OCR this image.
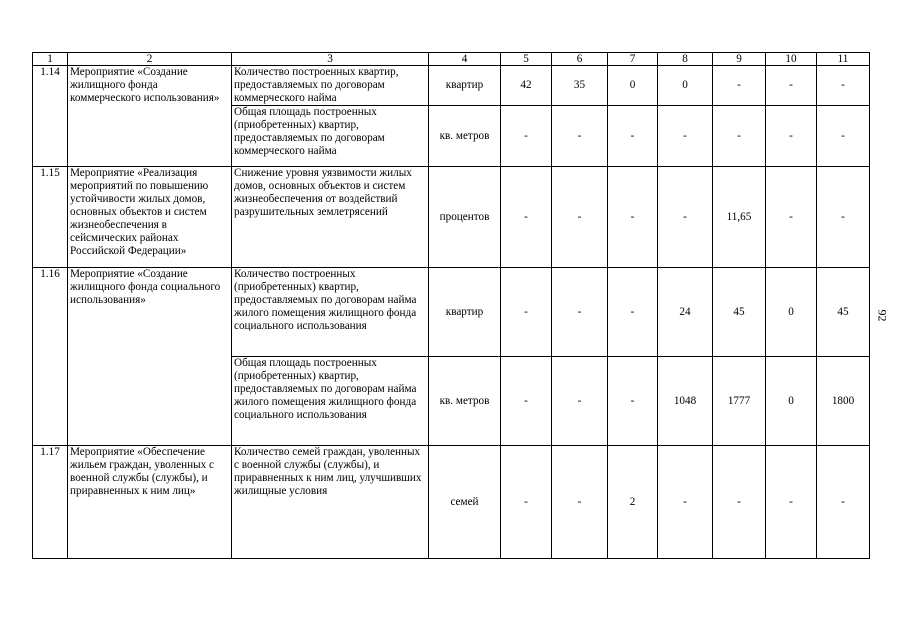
1	2	3	4	5	6	7	8	9	10	11
1.14	Мероприятие «Создание жилищного фонда коммерческого использования»	Количество построенных квартир, предоставляемых по договорам коммерческого найма	квартир	42	35	0	0	-	-	-
		Общая площадь построенных (приобретенных) квартир, предоставляемых по договорам коммерческого найма	кв. метров	-	-	-	-	-	-	-
1.15	Мероприятие «Реализация мероприятий по повышению устойчивости жилых домов, основных объектов и систем жизнеобеспечения в сейсмических районах Российской Федерации»	Снижение уровня уязвимости жилых домов, основных объектов и систем жизнеобеспечения от воздействий разрушительных землетрясений	процентов	-	-	-	-	11,65	-	-
1.16	Мероприятие «Создание жилищного фонда социального использования»	Количество построенных (приобретенных) квартир, предоставляемых по договорам найма жилого помещения жилищного фонда социального использования	квартир	-	-	-	24	45	0	45
		Общая площадь построенных (приобретенных) квартир, предоставляемых по договорам найма жилого помещения жилищного фонда социального использования	кв. метров	-	-	-	1048	1777	0	1800
1.17	Мероприятие «Обеспечение жильем граждан, уволенных с военной службы (службы), и приравненных к ним лиц»	Количество семей граждан, уволенных с военной службы (службы), и приравненных к ним лиц, улучшивших жилищные условия	семей	-	-	2	-	-	-	-
92
